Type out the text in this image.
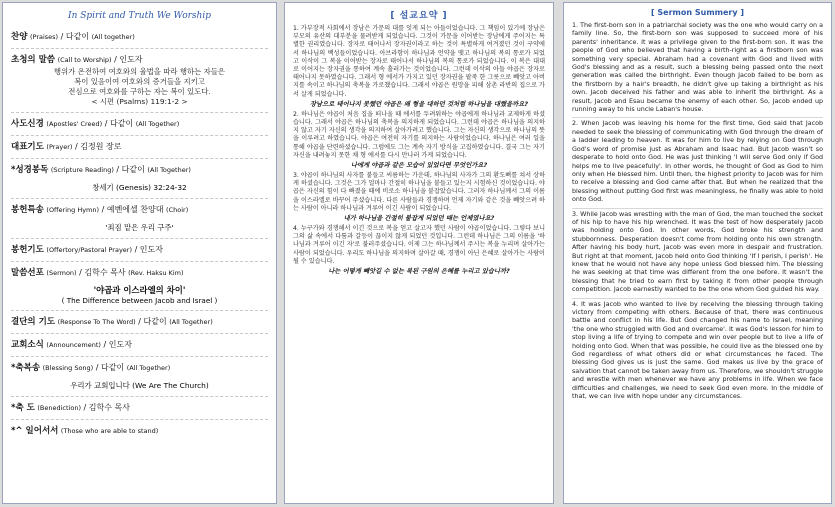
In Spirit and Truth We Worship
찬양 (Praises) / 다같이 (All together)
초청의 말씀 (Call to Worship) / 인도자
행위가 온전하여 여호와의 율법을 따라 행하는 자들은
복이 있음이여 여호와의 증거들을 지키고
전심으로 여호와를 구하는 자는 복이 있도다.
< 시편 (Psalms) 119:1-2 >
사도신경 (Apostles' Creed) / 다같이 (All Together)
대표기도 (Prayer) / 김정원 장로
*성경봉독 (Scripture Reading) / 다같이 (All Together)
창세기 (Genesis) 32:24-32
봉헌특송 (Offering Hymn) / 예벤에셀 찬양대 (Choir)
'죄짐 맡은 우리 구주'
봉헌기도 (Offertory/Pastoral Prayer) / 인도자
말씀선포 (Sermon) / 김학수 목사 (Rev. Haksu Kim)
'야곱과 이스라엘의 차이'
( The Difference between Jacob and Israel )
결단의 기도 (Response To The Word) / 다같이 (All Together)
교회소식 (Announcement) / 인도자
*축복송 (Blessing Song) / 다같이 (All Together)
우리가 교회입니다 (We Are The Church)
*축 도 (Benediction) / 김학수 목사
*^ 일어서서 (Those who are able to stand)
[ 설교요약 ]

1. 가부장적 사회에서 장남은 가문의 대를 잇게 되는 아들이었습니다. 그 책임이 있기에 장남은 부모의 유산의 대부분을 물려받게 되었습니다. 그것이 가문을 이어받는 장남에게 주어지는 특별한 권리였습니다. 장자로 태어나서 장자권이라고 하는 것이 특별하게 여겨졌던 것이 구약에서 하나님의 백성들이었습니다. 아브라함이 하나님과 언약을 맺고 하나님의 복의 통로가 되었고 이삭이 그 복을 이어받는 장자로 태어나서 하나님의 복의 통로가 되었습니다. 이 복은 대대로 이어지는 장자권을 통하여 계속 흘러가는 것이었습니다. 그런데 이삭의 아들 야곱은 장자로 태어나지 못하였습니다. 그래서 형 에서가 가지고 있던 장자권을 팥죽 한 그릇으로 빼앗고 아버지를 속이고 하나님의 축복을 가로챘습니다. 그래서 야곱은 원망을 피해 삼촌 라반의 집으로 가서 살게 되었습니다.

장남으로 태어나지 못했던 야곱은 왜 형을 대하던 것처럼 하나님을 대했을까요?

2. 하나님은 야곱이 처음 집을 떠나올 때 에서를 두려워하는 야곱에게 하나님과 교제하게 하셨습니다. 그래서 야곱은 하나님의 축복을 의지하게 되었습니다. 그런데 야곱은 하나님을 의지하지 않고 자기 자신의 생각을 의지하여 살아가려고 했습니다. 그는 자신의 생각으로 하나님의 뜻을 이루려고 하였습니다. 야곱은 여전히 자기를 의지하는 사람이었습니다. 하나님은 여러 일을 통해 야곱을 단련하셨습니다. 그럼에도 그는 계속 자기 방식을 고집하였습니다. 결국 그는 자기 자신을 내려놓지 못한 채 형 에서를 다시 만나러 가게 되었습니다.

나에게 야곱과 같은 모습이 있었다면 무엇인가요?

3. 야곱이 하나님의 사자를 붙들고 씨름하는 가운데, 하나님의 사자가 그의 환도뼈를 쳐서 상하게 하셨습니다. 그것은 그가 얼마나 간절히 하나님을 붙들고 있는지 시험하신 것이었습니다. 야곱은 자신의 힘이 다 빠졌을 때에 비로소 하나님을 붙잡았습니다. 그러자 하나님께서 그의 이름을 이스라엘로 바꾸어 주셨습니다. 다른 사람들과 경쟁하며 언제 자기와 같은 것을 빼앗으려 하는 사람이 아니라 하나님과 겨루어 이긴 사람이 되었습니다.

내가 하나님을 간절히 붙잡게 되었던 때는 언제였나요?

4. 누구가와 경쟁해서 이긴 것으로 복을 얻고 살고자 했던 사람이 야곱이었습니다. 그렇다 보니 그의 삶 속에서 다툼과 갈등이 끊이지 않게 되었던 것입니다. 그런데 하나님은 그의 이름을 '하나님과 겨루어 이긴 자'로 불러주셨습니다. 이제 그는 하나님께서 주시는 복을 누리며 살아가는 사람이 되었습니다. 우리도 하나님을 의지하며 살아갈 때, 경쟁이 아닌 은혜로 살아가는 사람이 될 수 있습니다.

나는 어떻게 빼앗길 수 없는 복된 구원의 은혜를 누리고 있습니까?
[ Sermon Summery ]

1. The first-born son in a patriarchal society was the one who would carry on a family line. So, the first-born son was supposed to succeed more of his parents' inheritance. It was a privilege given to the first-born son. It was the people of God who believed that having a birth-right as a firstborn son was something very special. Abraham had a covenant with God and lived with God's blessing and as a result, such a blessing being passed onto the next generation was called the birthright. Even though Jacob failed to be born as the firstborn by a hair's breadth, he didn't give up taking a birthright as his own. Jacob deceived his father and was able to inherit the birthright. As a result, Jacob and Esau became the enemy of each other. So, Jacob ended up running away to his uncle Laban's house.

2. When Jacob was leaving his home for the first time, God said that Jacob needed to seek the blessing of communicating with God through the dream of a ladder leading to heaven. It was for him to live by relying on God through God's word of promise just as Abraham and Isaac had. But Jacob wasn't so desperate to hold onto God. He was just thinking 'I will serve God only if God helps me to live peacefully'. In other words, he thought of God as God to him only when He blessed him. Until then, the highest priority to Jacob was for him to receive a blessing and God came after that. But when he realized that the blessing without putting God first was meaningless, he finally was able to hold onto God.

3. While Jacob was wrestling with the man of God, the man touched the socket of his hip to have his hip wrenched. It was the test of how desperately Jacob was holding onto God. In other words, God broke his strength and stubbornness. Desperation doesn't come from holding onto his own strength. After having his body hurt, Jacob was even more in despair and frustration. But right at that moment, Jacob held onto God thinking 'If I perish, I perish'. He knew that he would not have any hope unless God blessed him. The blessing he was seeking at that time was different from the one before. It wasn't the blessing that he tried to earn first by taking it from other people through competition. Jacob earnestly wanted to be the one whom God guided his way.

4. It was Jacob who wanted to live by receiving the blessing through taking victory from competing with others. Because of that, there was continuous battle and conflict in his life. But God changed his name to Israel, meaning 'the one who struggled with God and overcame'. It was God's lesson for him to stop living a life of trying to compete and win over people but to live a life of holding onto God. When that was possible, he could live as the blessed one by God regardless of what others did or what circumstances he faced. The blessing God gives us is just the same. God makes us live by the grace of salvation that cannot be taken away from us. Therefore, we shouldn't struggle and wrestle with men whenever we have any problems in life. When we face difficulties and challenges, we need to seek God even more. In the middle of that, we can live with hope under any circumstances.
